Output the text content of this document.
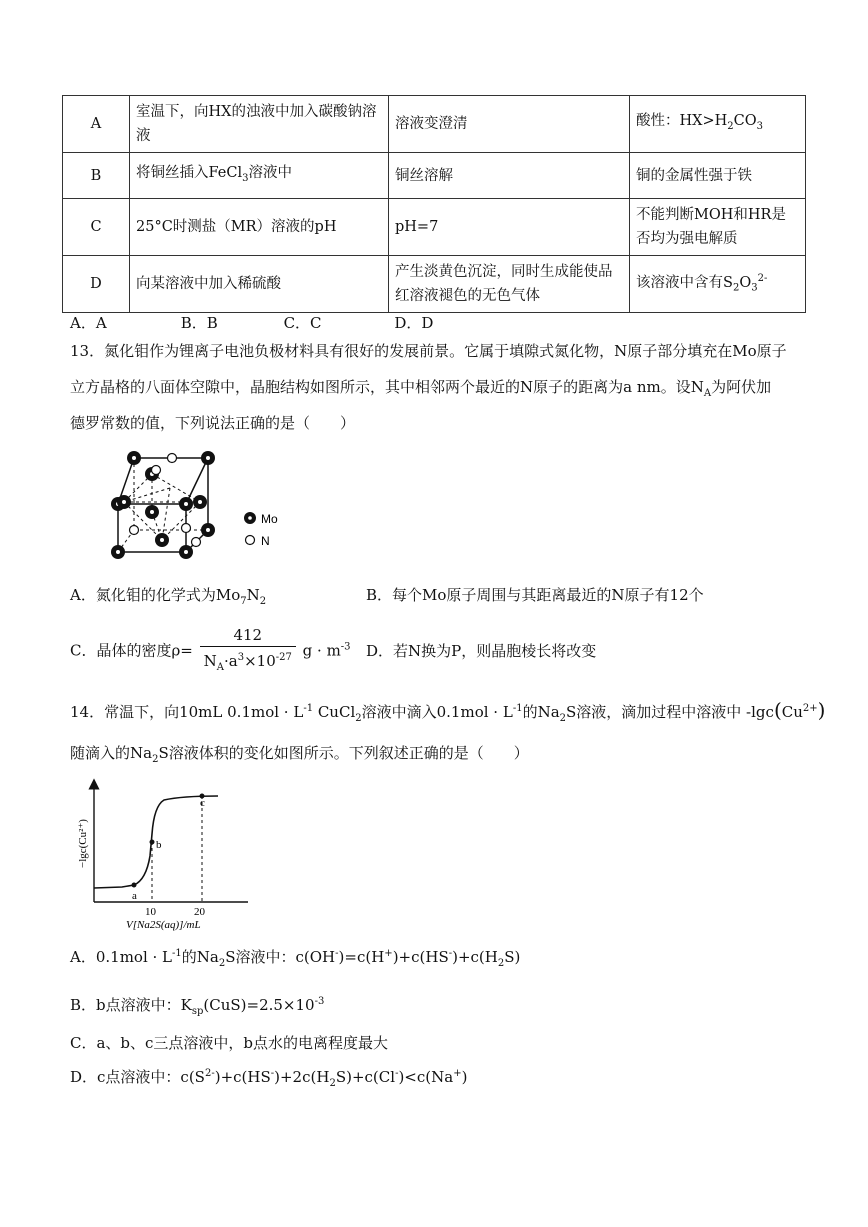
A	室温下，向HX的浊液中加入碳酸钠溶液	溶液变澄清	酸性：$HX>H_2CO_3$
B	将铜丝插入FeCl$_3$溶液中	铜丝溶解	铜的金属性强于铁
C	25°C时测盐（MR）溶液的pH	pH=7	不能判断MOH和HR是否均为强电解质
D	向某溶液中加入稀硫酸	产生淡黄色沉淀，同时生成能使品红溶液褪色的无色气体	该溶液中含有$S_2O_3^{2-}$
A．A	B．B	C．C	D．D
13．氮化钼作为锂离子电池负极材料具有很好的发展前景。它属于填隙式氮化物，N原子部分填充在Mo原子
立方晶格的八面体空隙中，晶胞结构如图所示，其中相邻两个最近的N原子的距离为a nm。设$N_A$为阿伏加
德罗常数的值，下列说法正确的是（　　）
Mo
N
A．氮化钼的化学式为$Mo_7N_2$	B．每个Mo原子周围与其距离最近的N原子有12个
C．晶体的密度$\rho= \frac{412}{N_A\cdot a^3\times 10^{-27}}$ $g \cdot m^{-3}$ D．若N换为P，则晶胞棱长将改变
14．常温下，向10mL $0.1mol \cdot L^{-1}$ CuCl$_2$溶液中滴入$0.1mol \cdot L^{-1}$的$Na_2S$溶液，滴加过程中溶液中 $-\lg c(Cu^{2+})$
随滴入的$Na_2S$溶液体积的变化如图所示。下列叙述正确的是（　　）
−lgc(Cu²⁺)
a
b
c
10	20
V[Na2S(aq)]/mL
A．$0.1mol \cdot L^{-1}$的$Na_2S$溶液中：$c(OH^-)=c(H^+)+c(HS^-)+c(H_2S)$
B．b点溶液中：$K_{sp}(CuS)=2.5\times 10^{-3}$
C．a、b、c三点溶液中，b点水的电离程度最大
D．c点溶液中：$c(S^{2-})+c(HS^-)+2c(H_2S)+c(Cl^-)<c(Na^+)$
